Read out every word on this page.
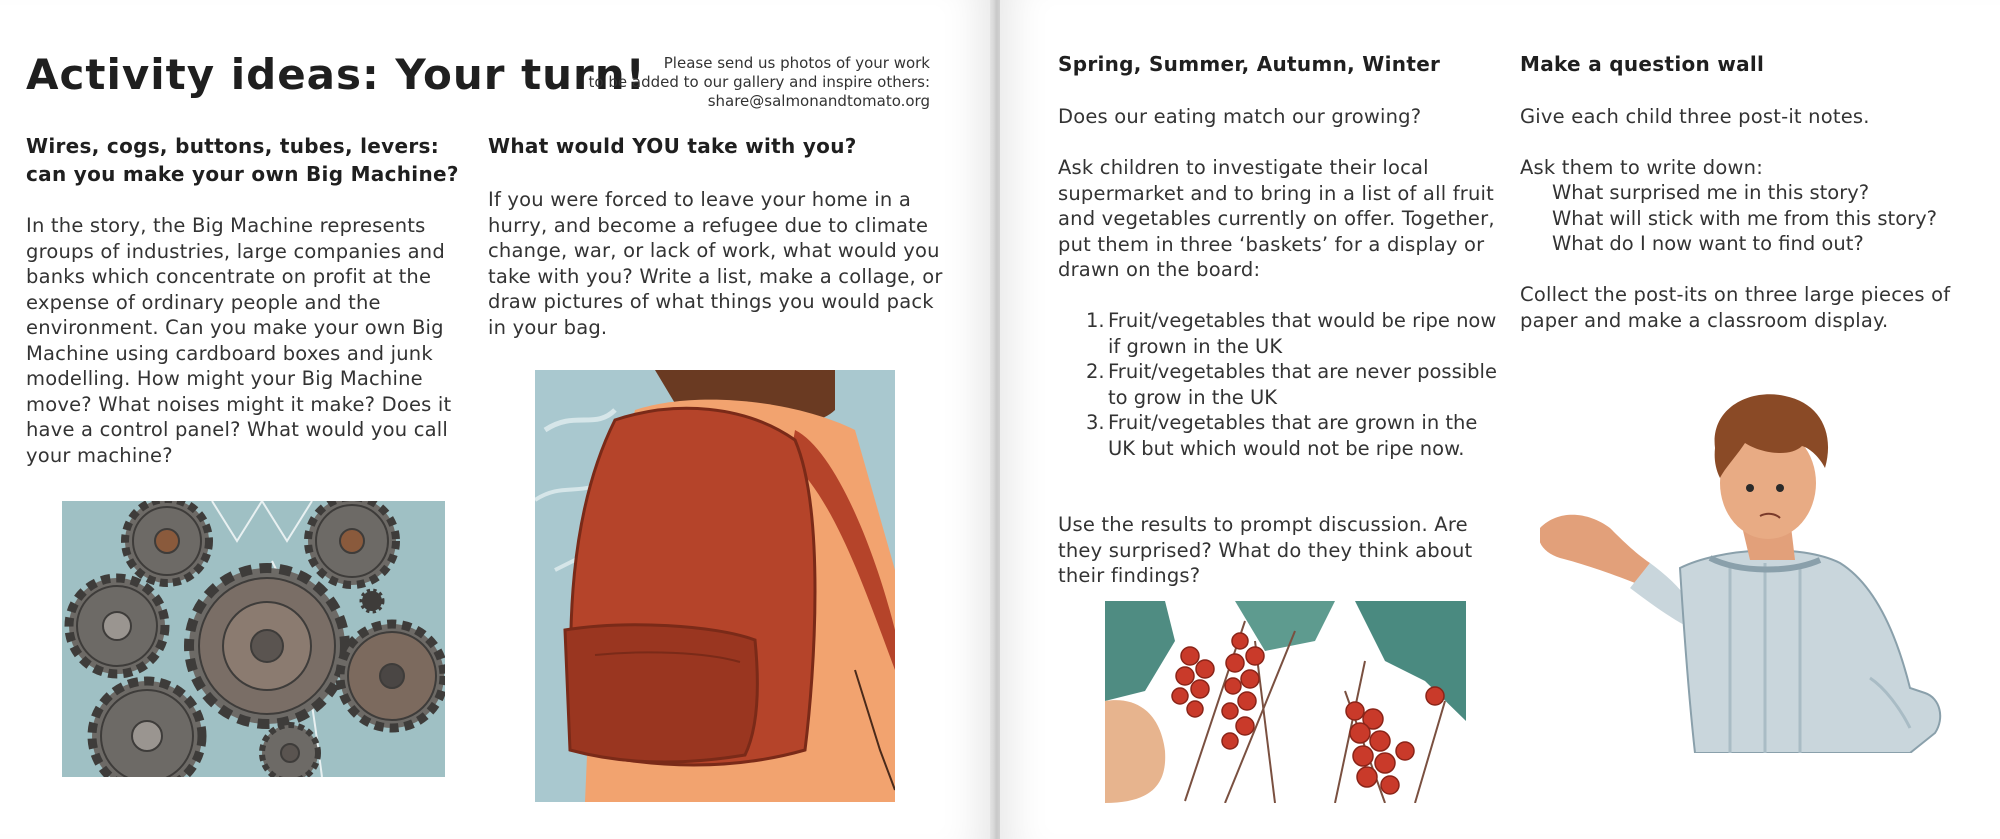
Activity ideas: Your turn!	Please send us photos of your work
to be added to our gallery and inspire others:
share@salmonandtomato.org
Wires, cogs, buttons, tubes, levers: can you make your own Big Machine?

In the story, the Big Machine represents groups of industries, large companies and banks which concentrate on profit at the expense of ordinary people and the environment. Can you make your own Big Machine using cardboard boxes and junk modelling. How might your Big Machine move? What noises might it make? Does it have a control panel? What would you call your machine?

What would YOU take with you?

If you were forced to leave your home in a hurry, and become a refugee due to climate change, war, or lack of work, what would you take with you? Write a list, make a collage, or draw pictures of what things you would pack in your bag.

Spring, Summer, Autumn, Winter

Does our eating match our growing?

Ask children to investigate their local supermarket and to bring in a list of all fruit and vegetables currently on offer. Together, put them in three ‘baskets’ for a display or drawn on the board:

1. Fruit/vegetables that would be ripe now if grown in the UK
2. Fruit/vegetables that are never possible to grow in the UK
3. Fruit/vegetables that are grown in the UK but which would not be ripe now.

Use the results to prompt discussion. Are they surprised? What do they think about their findings?

Make a question wall

Give each child three post-it notes.

Ask them to write down:

What surprised me in this story?
What will stick with me from this story?
What do I now want to find out?

Collect the post-its on three large pieces of paper and make a classroom display.
